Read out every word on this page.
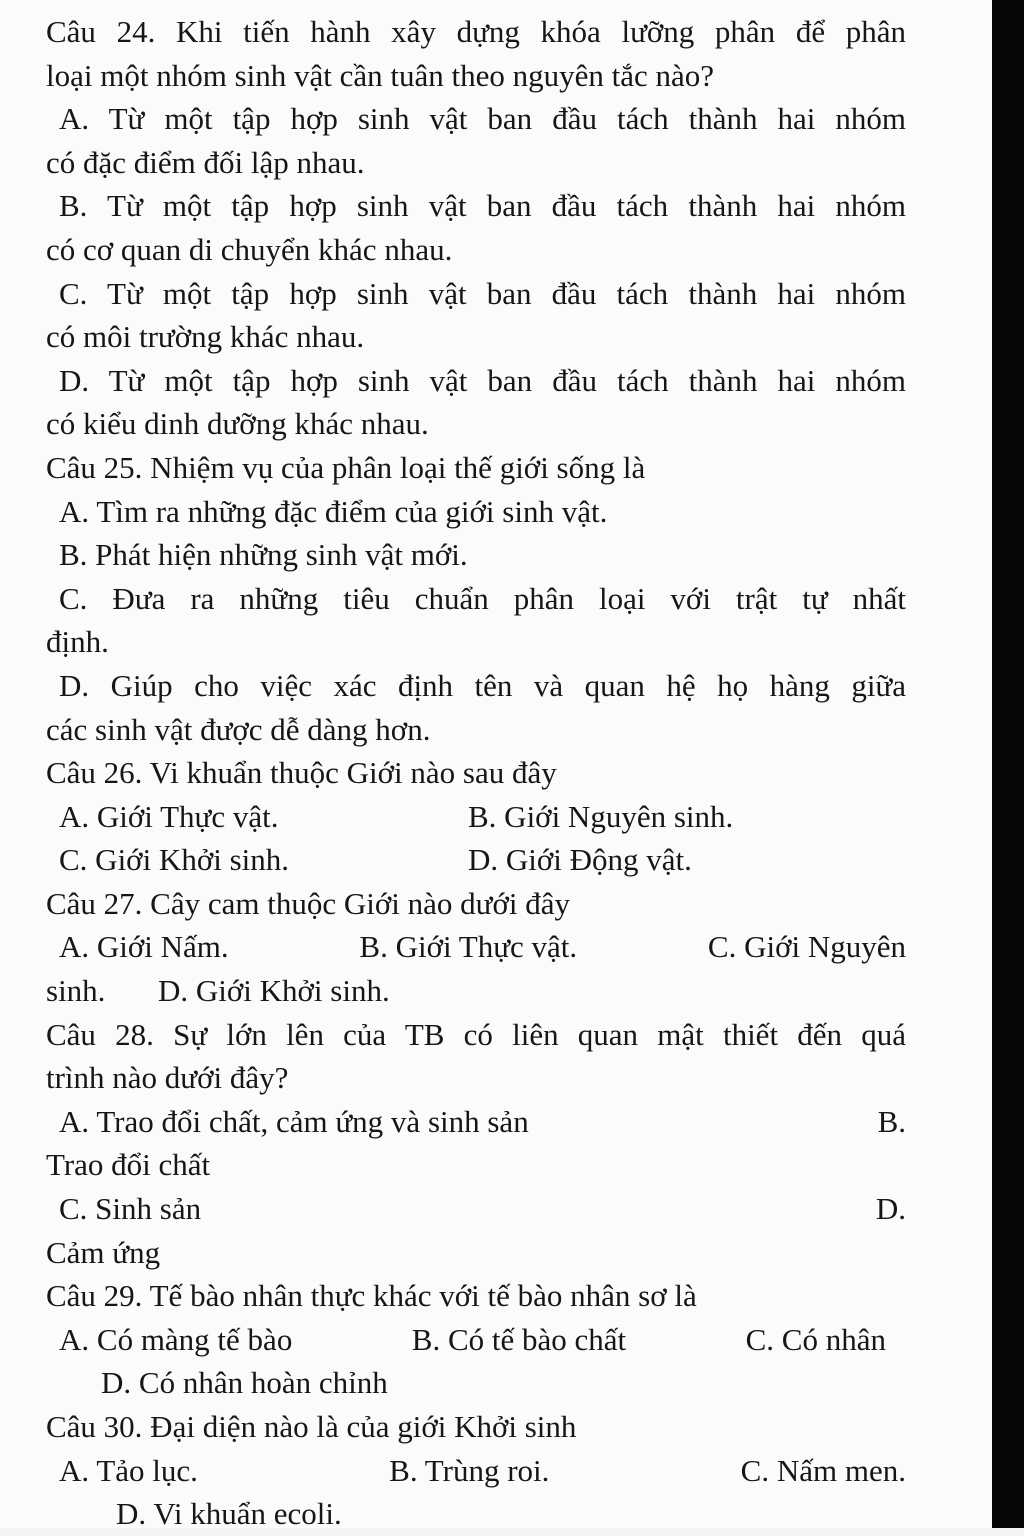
Câu 24. Khi tiến hành xây dựng khóa lưỡng phân để phân

loại một nhóm sinh vật cần tuân theo nguyên tắc nào?

A. Từ một tập hợp sinh vật ban đầu tách thành hai nhóm

có đặc điểm đối lập nhau.

B. Từ một tập hợp sinh vật ban đầu tách thành hai nhóm

có cơ quan di chuyển khác nhau.

C. Từ một tập hợp sinh vật ban đầu tách thành hai nhóm

có môi trường khác nhau.

D. Từ một tập hợp sinh vật ban đầu tách thành hai nhóm

có kiểu dinh dưỡng khác nhau.

Câu 25. Nhiệm vụ của phân loại thế giới sống là

A. Tìm ra những đặc điểm của giới sinh vật.

B. Phát hiện những sinh vật mới.

C. Đưa ra những tiêu chuẩn phân loại với trật tự nhất

định.

D. Giúp cho việc xác định tên và quan hệ họ hàng giữa

các sinh vật được dễ dàng hơn.

Câu 26. Vi khuẩn thuộc Giới nào sau đây

A. Giới Thực vật.	B. Giới Nguyên sinh.
C. Giới Khởi sinh.	D. Giới Động vật.

Câu 27. Cây cam thuộc Giới nào dưới đây

A. Giới Nấm.	B. Giới Thực vật.	C. Giới Nguyên
sinh.	D. Giới Khởi sinh.

Câu 28. Sự lớn lên của TB có liên quan mật thiết đến quá

trình nào dưới đây?

A. Trao đổi chất, cảm ứng và sinh sản	B.

Trao đổi chất

C. Sinh sản	D.

Cảm ứng

Câu 29. Tế bào nhân thực khác với tế bào nhân sơ là

A. Có màng tế bào	B. Có tế bào chất	C. Có nhân

D. Có nhân hoàn chỉnh

Câu 30. Đại diện nào là của giới Khởi sinh

A. Tảo lục.	B. Trùng roi.	C. Nấm men.

D. Vi khuẩn ecoli.
